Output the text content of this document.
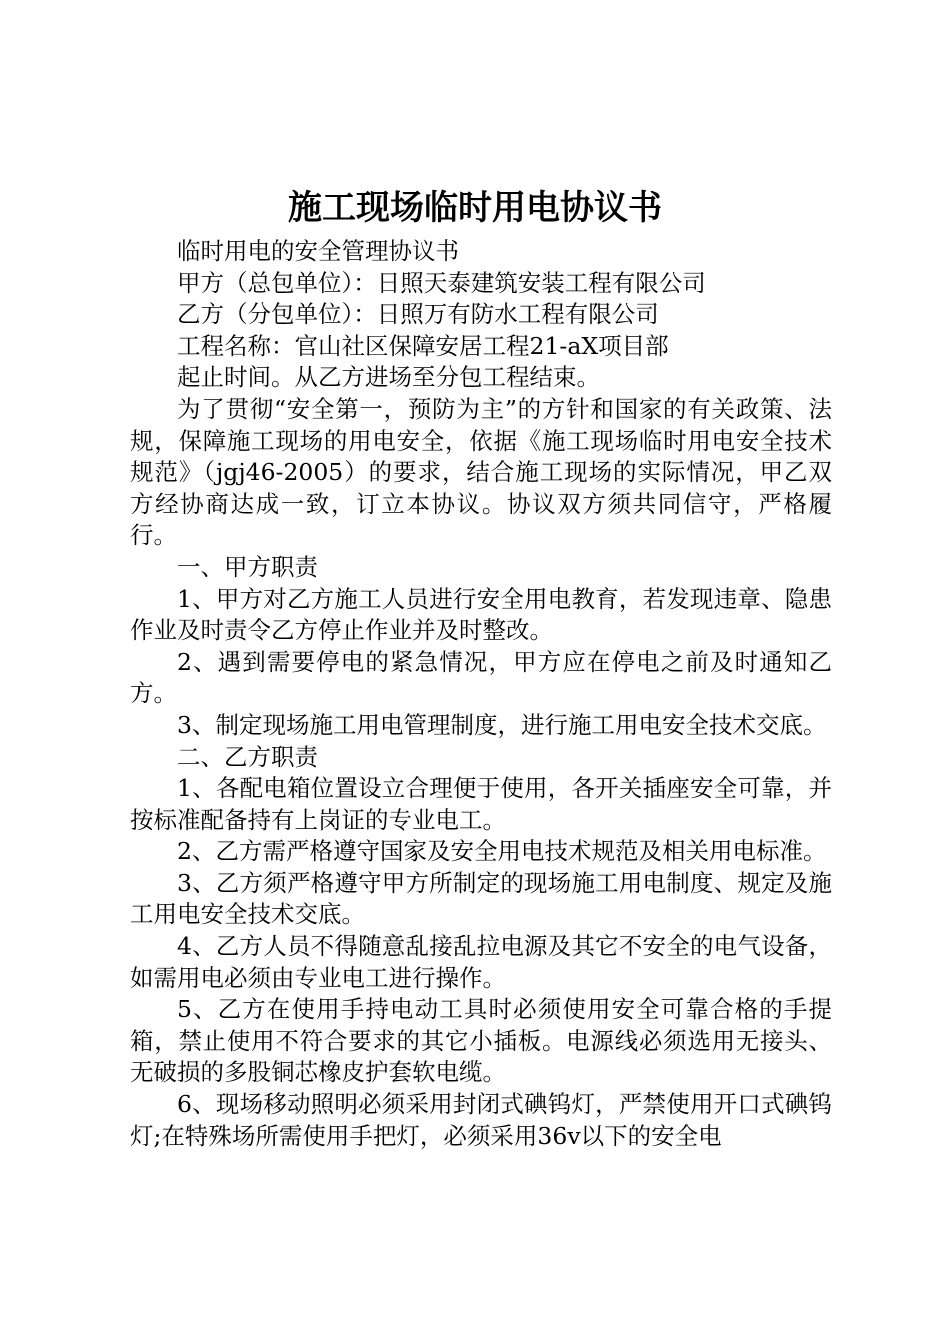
施工现场临时用电协议书

临时用电的安全管理协议书

甲方（总包单位）：日照天泰建筑安装工程有限公司

乙方（分包单位）：日照万有防水工程有限公司

工程名称：官山社区保障安居工程21-aX项目部

起止时间。从乙方进场至分包工程结束。

为了贯彻“安全第一，预防为主”的方针和国家的有关政策、法规，保障施工现场的用电安全，依据《施工现场临时用电安全技术规范》（jgj46-2005）的要求，结合施工现场的实际情况，甲乙双方经协商达成一致，订立本协议。协议双方须共同信守，严格履行。

一、甲方职责

1、甲方对乙方施工人员进行安全用电教育，若发现违章、隐患作业及时责令乙方停止作业并及时整改。

2、遇到需要停电的紧急情况，甲方应在停电之前及时通知乙方。

3、制定现场施工用电管理制度，进行施工用电安全技术交底。

二、乙方职责

1、各配电箱位置设立合理便于使用，各开关插座安全可靠，并按标准配备持有上岗证的专业电工。

2、乙方需严格遵守国家及安全用电技术规范及相关用电标准。

3、乙方须严格遵守甲方所制定的现场施工用电制度、规定及施工用电安全技术交底。

4、乙方人员不得随意乱接乱拉电源及其它不安全的电气设备，如需用电必须由专业电工进行操作。

5、乙方在使用手持电动工具时必须使用安全可靠合格的手提箱，禁止使用不符合要求的其它小插板。电源线必须选用无接头、无破损的多股铜芯橡皮护套软电缆。

6、现场移动照明必须采用封闭式碘钨灯，严禁使用开口式碘钨灯;在特殊场所需使用手把灯，必须采用36v以下的安全电
